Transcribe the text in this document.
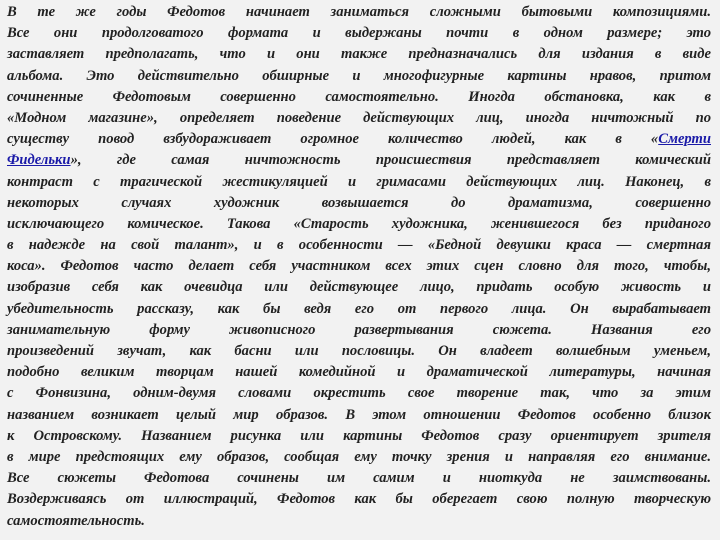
В те же годы Федотов начинает заниматься сложными бытовыми композициями.
Все они продолговатого формата и выдержаны почти в одном размере; это
заставляет предполагать, что и они также предназначались для издания в виде
альбома. Это действительно обширные и многофигурные картины нравов, притом
сочиненные Федотовым совершенно самостоятельно. Иногда обстановка, как в
«Модном магазине», определяет поведение действующих лиц, иногда ничтожный по
существу повод взбудораживает огромное количество людей, как в «Смерти
Фидельки», где самая ничтожность происшествия представляет комический
контраст с трагической жестикуляцией и гримасами действующих лиц. Наконец, в
некоторых случаях художник возвышается до драматизма, совершенно
исключающего комическое. Такова «Старость художника, женившегося без приданого
в надежде на свой талант», и в особенности — «Бедной девушки краса — смертная
коса». Федотов часто делает себя участником всех этих сцен словно для того, чтобы,
изобразив себя как очевидца или действующее лицо, придать особую живость и
убедительность рассказу, как бы ведя его от первого лица. Он вырабатывает
занимательную форму живописного развертывания сюжета. Названия его
произведений звучат, как басни или пословицы. Он владеет волшебным уменьем,
подобно великим творцам нашей комедийной и драматической литературы, начиная
с Фонвизина, одним-двумя словами окрестить свое творение так, что за этим
названием возникает целый мир образов. В этом отношении Федотов особенно близок
к Островскому. Названием рисунка или картины Федотов сразу ориентирует зрителя
в мире предстоящих ему образов, сообщая ему точку зрения и направляя его внимание.
Все сюжеты Федотова сочинены им самим и ниоткуда не заимствованы.
Воздерживаясь от иллюстраций, Федотов как бы оберегает свою полную творческую
самостоятельность.
